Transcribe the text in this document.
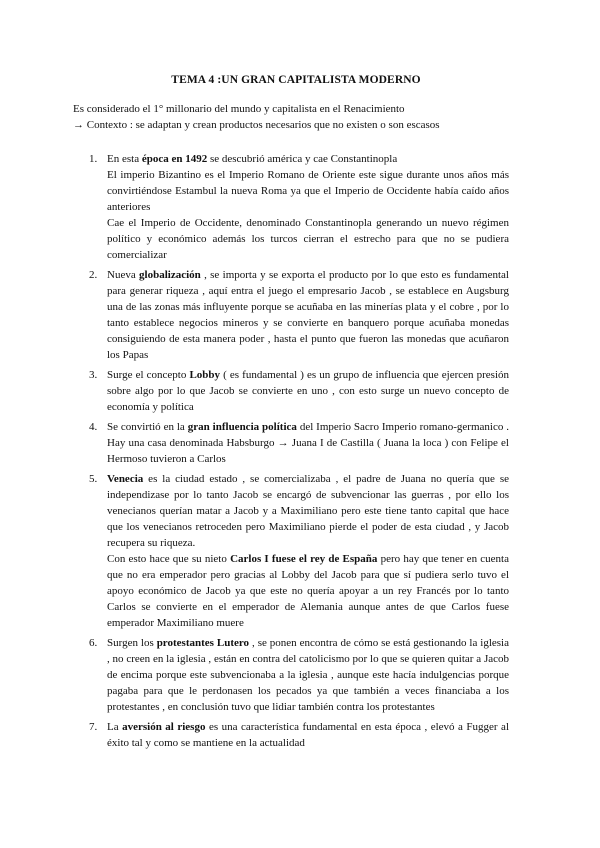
TEMA 4 :UN GRAN CAPITALISTA MODERNO

Es considerado el 1° millonario del mundo y capitalista en el Renacimiento

→ Contexto : se adaptan y crean productos necesarios que no existen o son escasos

1. En esta época en 1492 se descubrió américa y cae Constantinopla

El imperio Bizantino es el Imperio Romano de Oriente este sigue durante unos años más convirtiéndose Estambul la nueva Roma ya que el Imperio de Occidente había caído años anteriores

Cae el Imperio de Occidente, denominado Constantinopla generando un nuevo régimen político y económico además los turcos cierran el estrecho para que no se pudiera comercializar

2. Nueva globalización , se importa y se exporta el producto por lo que esto es fundamental para generar riqueza , aquí entra el juego el empresario Jacob , se establece en Augsburg una de las zonas más influyente porque se acuñaba en las minerías plata y el cobre , por lo tanto establece negocios mineros y se convierte en banquero porque acuñaba monedas consiguiendo de esta manera poder , hasta el punto que fueron las monedas que acuñaron los Papas

3. Surge el concepto Lobby ( es fundamental ) es un grupo de influencia que ejercen presión sobre algo por lo que Jacob se convierte en uno , con esto surge un nuevo concepto de economía y política

4. Se convirtió en la gran influencia política del Imperio Sacro Imperio romano-germanico . Hay una casa denominada Habsburgo → Juana I de Castilla ( Juana la loca ) con Felipe el Hermoso tuvieron a Carlos

5. Venecia es la ciudad estado , se comercializaba , el padre de Juana no quería que se independizase por lo tanto Jacob se encargó de subvencionar las guerras , por ello los venecianos querían matar a Jacob y a Maximiliano pero este tiene tanto capital que hace que los venecianos retroceden pero Maximiliano pierde el poder de esta ciudad , y Jacob recupera su riqueza.

Con esto hace que su nieto Carlos I fuese el rey de España pero hay que tener en cuenta que no era emperador pero gracias al Lobby del Jacob para que sí pudiera serlo tuvo el apoyo económico de Jacob ya que este no quería apoyar a un rey Francés por lo tanto Carlos se convierte en el emperador de Alemania aunque antes de que Carlos fuese emperador Maximiliano muere

6. Surgen los protestantes Lutero , se ponen encontra de cómo se está gestionando la iglesia , no creen en la iglesia , están en contra del catolicismo por lo que se quieren quitar a Jacob de encima porque este subvencionaba a la iglesia , aunque este hacía indulgencias porque pagaba para que le perdonasen los pecados ya que también a veces financiaba a los protestantes , en conclusión tuvo que lidiar también contra los protestantes

7. La aversión al riesgo es una característica fundamental en esta época , elevó a Fugger al éxito tal y como se mantiene en la actualidad
